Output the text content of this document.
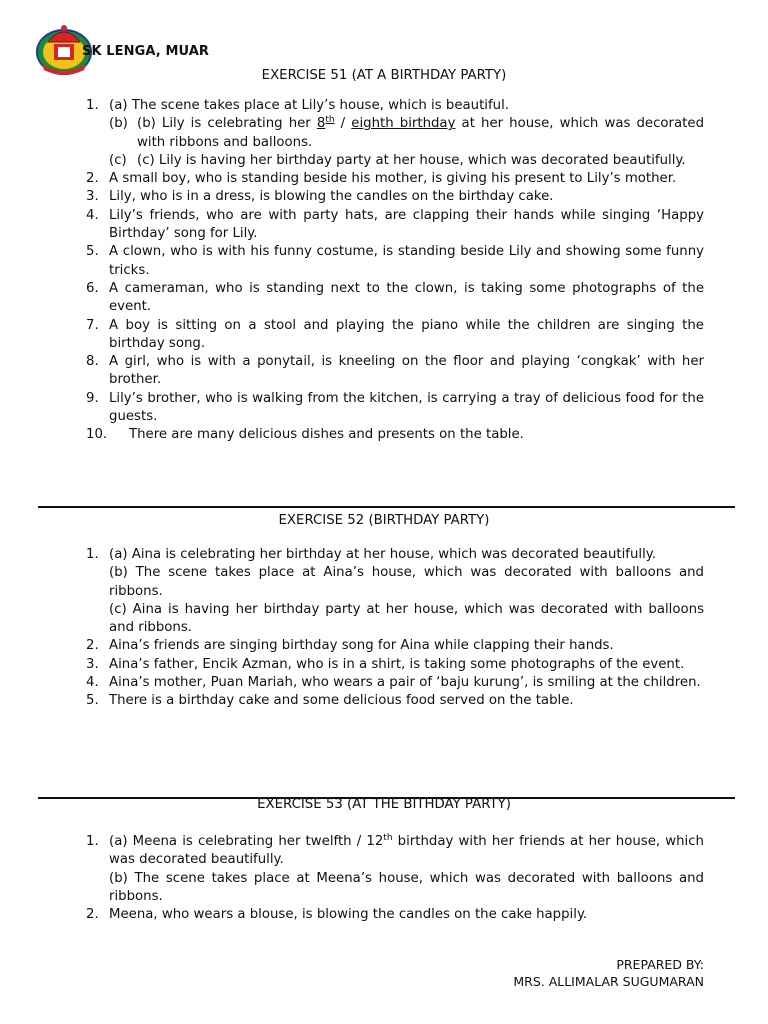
SK LENGA, MUAR
EXERCISE 51 (AT A BIRTHDAY PARTY)
1. (a) The scene takes place at Lily’s house, which is beautiful.
(b) (b) Lily is celebrating her 8th / eighth birthday at her house, which was decorated with ribbons and balloons.
(c) (c) Lily is having her birthday party at her house, which was decorated beautifully.
2. A small boy, who is standing beside his mother, is giving his present to Lily’s mother.
3. Lily, who is in a dress, is blowing the candles on the birthday cake.
4. Lily’s friends, who are with party hats, are clapping their hands while singing ‘Happy Birthday’ song for Lily.
5. A clown, who is with his funny costume, is standing beside Lily and showing some funny tricks.
6. A cameraman, who is standing next to the clown, is taking some photographs of the event.
7. A boy is sitting on a stool and playing the piano while the children are singing the birthday song.
8. A girl, who is with a ponytail, is kneeling on the floor and playing ‘congkak’ with her brother.
9. Lily’s brother, who is walking from the kitchen, is carrying a tray of delicious food for the guests.
10. There are many delicious dishes and presents on the table.
EXERCISE 52 (BIRTHDAY PARTY)
1. (a) Aina is celebrating her birthday at her house, which was decorated beautifully.
(b) The scene takes place at Aina’s house, which was decorated with balloons and ribbons.
(c) Aina is having her birthday party at her house, which was decorated with balloons and ribbons.
2. Aina’s friends are singing birthday song for Aina while clapping their hands.
3. Aina’s father, Encik Azman, who is in a shirt, is taking some photographs of the event.
4. Aina’s mother, Puan Mariah, who wears a pair of ‘baju kurung’, is smiling at the children.
5. There is a birthday cake and some delicious food served on the table.
EXERCISE 53 (AT THE BITHDAY PARTY)
1. (a) Meena is celebrating her twelfth / 12th birthday with her friends at her house, which was decorated beautifully.
(b) The scene takes place at Meena’s house, which was decorated with balloons and ribbons.
2. Meena, who wears a blouse, is blowing the candles on the cake happily.
PREPARED BY:
MRS. ALLIMALAR SUGUMARAN
